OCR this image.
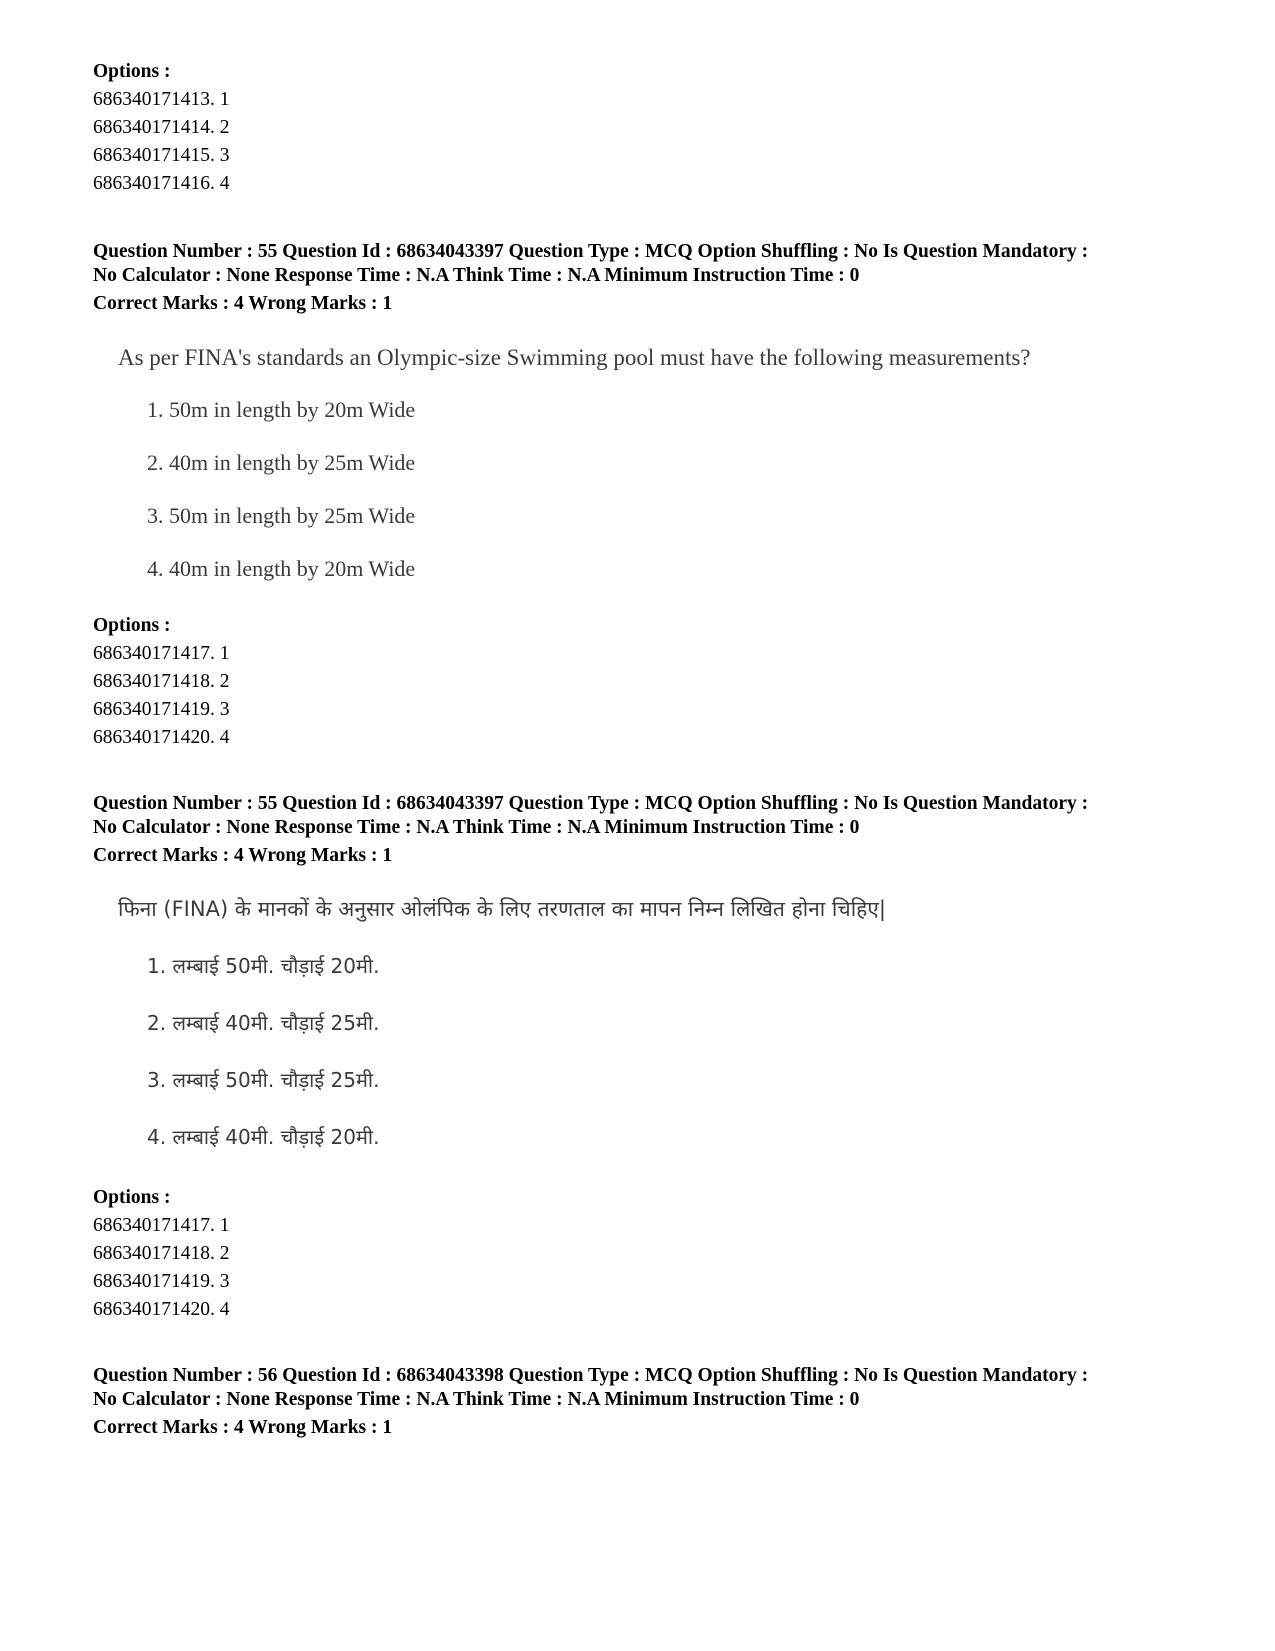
Options :
686340171413. 1
686340171414. 2
686340171415. 3
686340171416. 4
Question Number : 55 Question Id : 68634043397 Question Type : MCQ Option Shuffling : No Is Question Mandatory :
No Calculator : None Response Time : N.A Think Time : N.A Minimum Instruction Time : 0
Correct Marks : 4 Wrong Marks : 1
As per FINA's standards an Olympic-size Swimming pool must have the following measurements?
1. 50m in length by 20m Wide
2. 40m in length by 25m Wide
3. 50m in length by 25m Wide
4. 40m in length by 20m Wide
Options :
686340171417. 1
686340171418. 2
686340171419. 3
686340171420. 4
Question Number : 55 Question Id : 68634043397 Question Type : MCQ Option Shuffling : No Is Question Mandatory :
No Calculator : None Response Time : N.A Think Time : N.A Minimum Instruction Time : 0
Correct Marks : 4 Wrong Marks : 1
फिना (FINA) के मानकों के अनुसार ओलंपिक के लिए तरणताल का मापन निम्न लिखित होना चिहिए|
1. लम्बाई 50मी. चौड़ाई 20मी.
2. लम्बाई 40मी. चौड़ाई 25मी.
3. लम्बाई 50मी. चौड़ाई 25मी.
4. लम्बाई 40मी. चौड़ाई 20मी.
Options :
686340171417. 1
686340171418. 2
686340171419. 3
686340171420. 4
Question Number : 56 Question Id : 68634043398 Question Type : MCQ Option Shuffling : No Is Question Mandatory :
No Calculator : None Response Time : N.A Think Time : N.A Minimum Instruction Time : 0
Correct Marks : 4 Wrong Marks : 1
